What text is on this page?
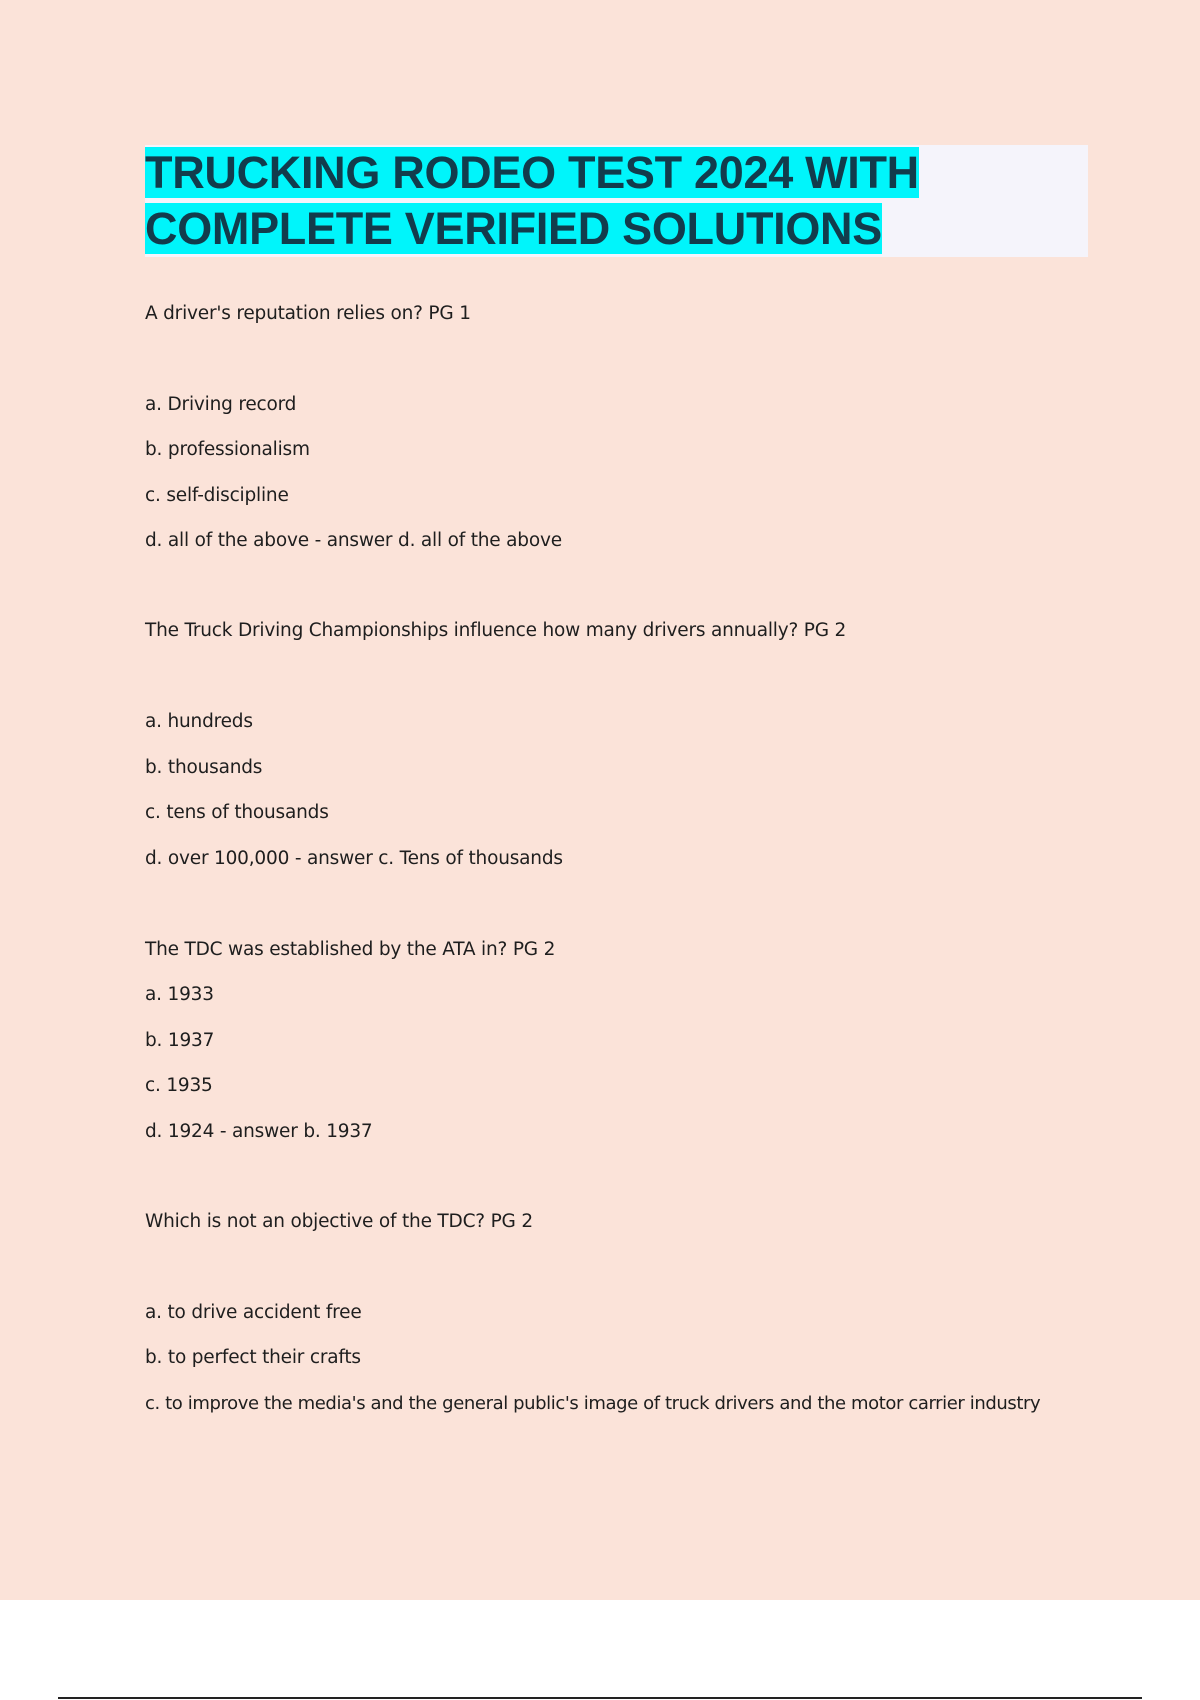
TRUCKING RODEO TEST 2024 WITH
COMPLETE VERIFIED SOLUTIONS
A driver's reputation relies on? PG 1
a. Driving record
b. professionalism
c. self-discipline
d. all of the above - answer d. all of the above
The Truck Driving Championships influence how many drivers annually? PG 2
a. hundreds
b. thousands
c. tens of thousands
d. over 100,000 - answer c. Tens of thousands
The TDC was established by the ATA in? PG 2
a. 1933
b. 1937
c. 1935
d. 1924 - answer b. 1937
Which is not an objective of the TDC? PG 2
a. to drive accident free
b. to perfect their crafts
c. to improve the media's and the general public's image of truck drivers and the motor carrier industry
